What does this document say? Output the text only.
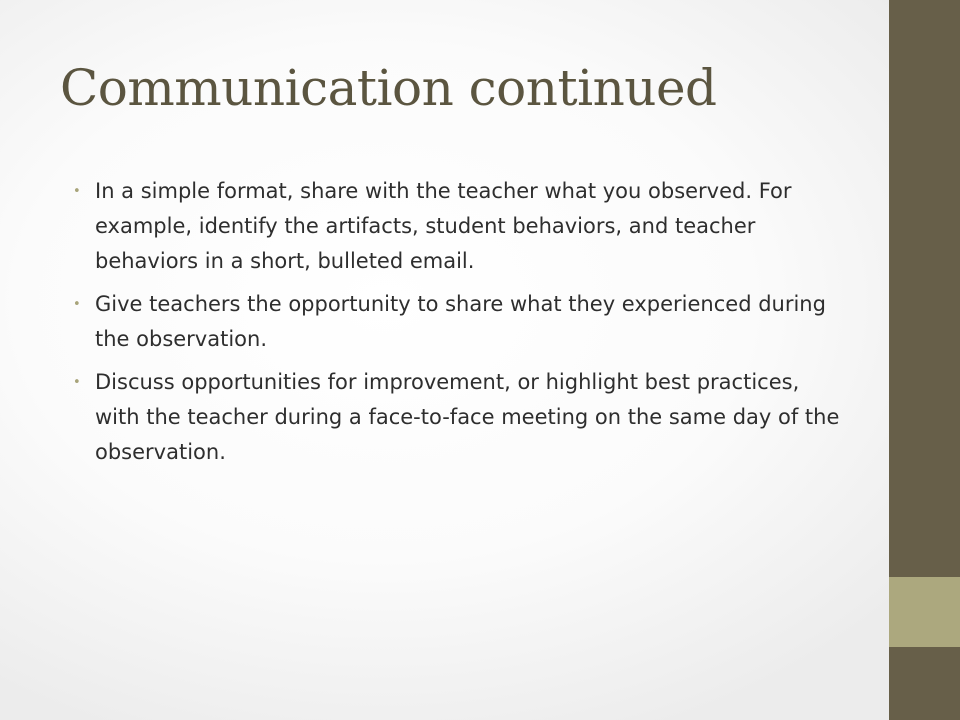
Communication continued
• In a simple format, share with the teacher what you observed. For example, identify the artifacts, student behaviors, and teacher behaviors in a short, bulleted email.
• Give teachers the opportunity to share what they experienced during the observation.
• Discuss opportunities for improvement, or highlight best practices, with the teacher during a face-to-face meeting on the same day of the observation.
